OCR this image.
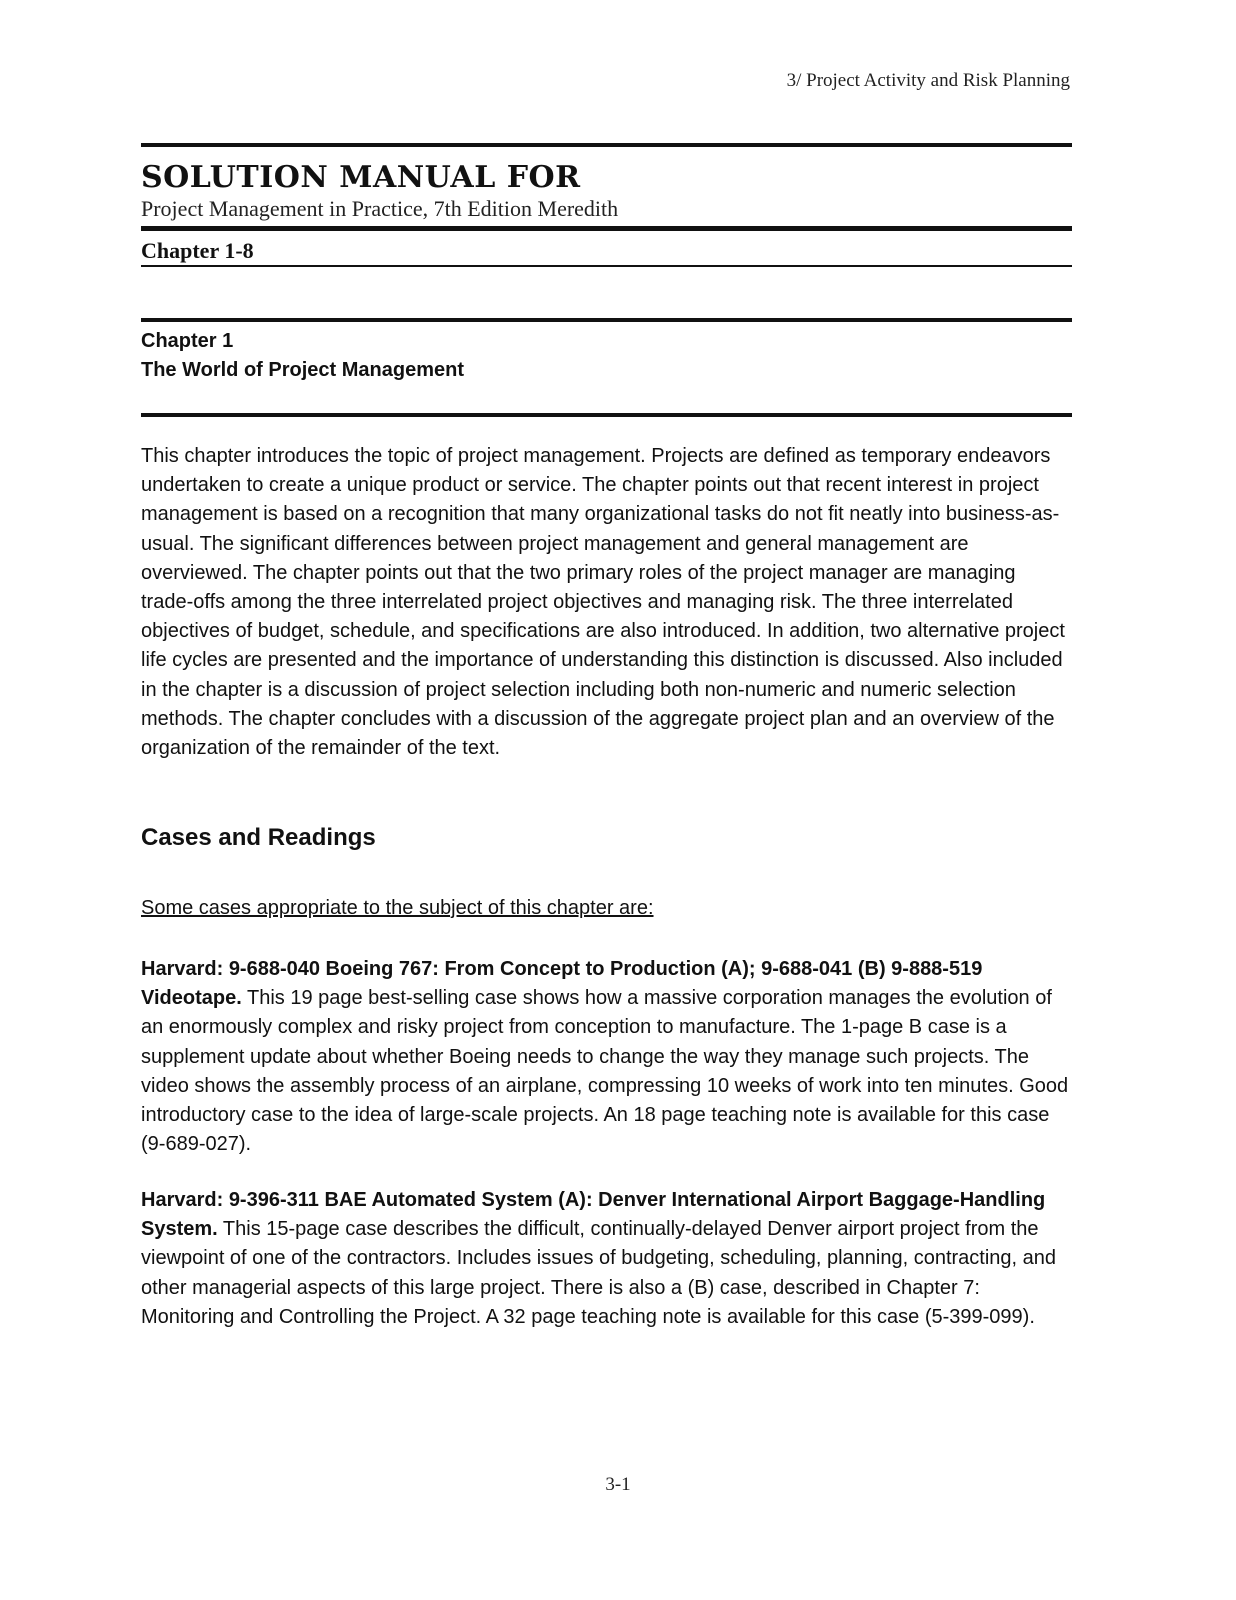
3/ Project Activity and Risk Planning
SOLUTION MANUAL FOR
Project Management in Practice, 7th Edition Meredith
Chapter 1-8
Chapter 1
The World of Project Management
This chapter introduces the topic of project management. Projects are defined as temporary endeavors undertaken to create a unique product or service. The chapter points out that recent interest in project management is based on a recognition that many organizational tasks do not fit neatly into business-as-usual. The significant differences between project management and general management are overviewed. The chapter points out that the two primary roles of the project manager are managing trade-offs among the three interrelated project objectives and managing risk. The three interrelated objectives of budget, schedule, and specifications are also introduced. In addition, two alternative project life cycles are presented and the importance of understanding this distinction is discussed. Also included in the chapter is a discussion of project selection including both non-numeric and numeric selection methods. The chapter concludes with a discussion of the aggregate project plan and an overview of the organization of the remainder of the text.
Cases and Readings
Some cases appropriate to the subject of this chapter are:
Harvard: 9-688-040 Boeing 767: From Concept to Production (A); 9-688-041 (B) 9-888-519 Videotape. This 19 page best-selling case shows how a massive corporation manages the evolution of an enormously complex and risky project from conception to manufacture. The 1-page B case is a supplement update about whether Boeing needs to change the way they manage such projects. The video shows the assembly process of an airplane, compressing 10 weeks of work into ten minutes. Good introductory case to the idea of large-scale projects. An 18 page teaching note is available for this case (9-689-027).
Harvard: 9-396-311 BAE Automated System (A): Denver International Airport Baggage-Handling System. This 15-page case describes the difficult, continually-delayed Denver airport project from the viewpoint of one of the contractors. Includes issues of budgeting, scheduling, planning, contracting, and other managerial aspects of this large project. There is also a (B) case, described in Chapter 7: Monitoring and Controlling the Project. A 32 page teaching note is available for this case (5-399-099).
3-1
